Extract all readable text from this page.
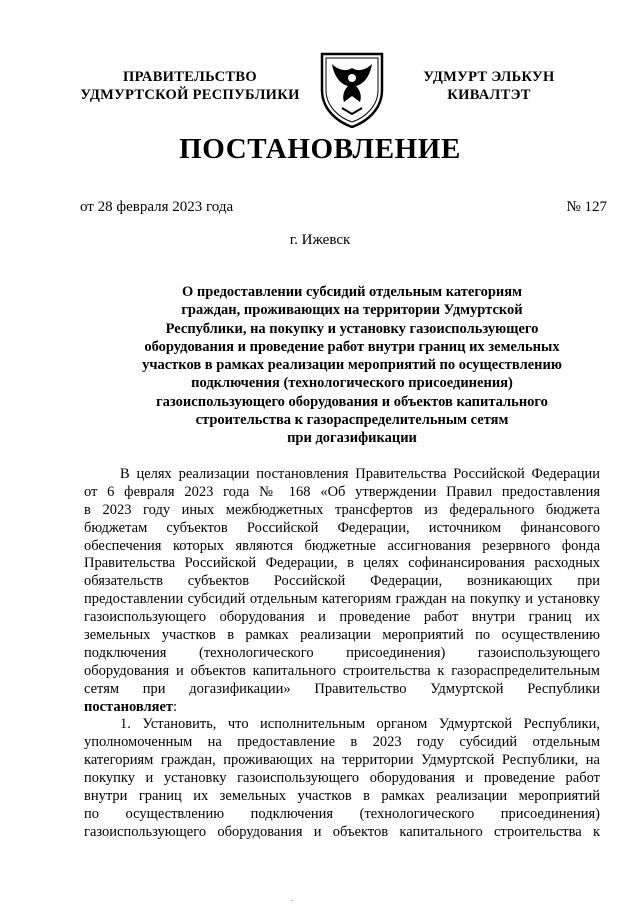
ПРАВИТЕЛЬСТВО
УДМУРТСКОЙ РЕСПУБЛИКИ
УДМУРТ ЭЛЬКУН
КИВАЛТЭТ
ПОСТАНОВЛЕНИЕ
от 28 февраля 2023 года	№ 127
г. Ижевск
О предоставлении субсидий отдельным категориям
граждан, проживающих на территории Удмуртской
Республики, на покупку и установку газоиспользующего
оборудования и проведение работ внутри границ их земельных
участков в рамках реализации мероприятий по осуществлению
подключения (технологического присоединения)
газоиспользующего оборудования и объектов капитального
строительства к газораспределительным сетям
при догазификации
В целях реализации постановления Правительства Российской Федерации
от 6 февраля 2023 года № 168 «Об утверждении Правил предоставления
в 2023 году иных межбюджетных трансфертов из федерального бюджета
бюджетам субъектов Российской Федерации, источником финансового
обеспечения которых являются бюджетные ассигнования резервного фонда
Правительства Российской Федерации, в целях софинансирования расходных
обязательств субъектов Российской Федерации, возникающих при
предоставлении субсидий отдельным категориям граждан на покупку и установку
газоиспользующего оборудования и проведение работ внутри границ их
земельных участков в рамках реализации мероприятий по осуществлению
подключения (технологического присоединения) газоиспользующего
оборудования и объектов капитального строительства к газораспределительным
сетям при догазификации» Правительство Удмуртской Республики
постановляет:
1. Установить, что исполнительным органом Удмуртской Республики,
уполномоченным на предоставление в 2023 году субсидий отдельным
категориям граждан, проживающих на территории Удмуртской Республики, на
покупку и установку газоиспользующего оборудования и проведение работ
внутри границ их земельных участков в рамках реализации мероприятий
по осуществлению подключения (технологического присоединения)
газоиспользующего оборудования и объектов капитального строительства к
